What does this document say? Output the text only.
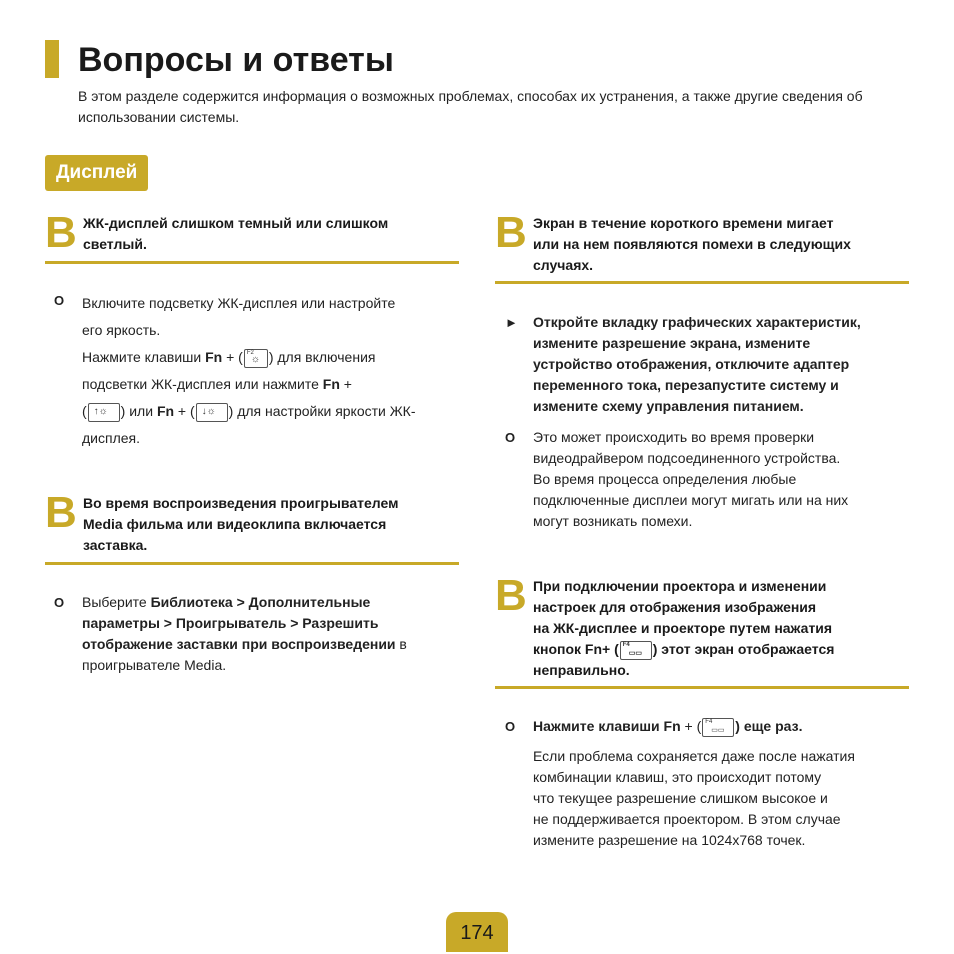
Вопросы и ответы
В этом разделе содержится информация о возможных проблемах, способах их устранения, а также другие сведения об использовании системы.
Дисплей
B ЖК-дисплей слишком темный или слишком
светлый.
O Включите подсветку ЖК-дисплея или настройте
его яркость.
Нажмите клавиши Fn + ( F2
☼ ) для включения
подсветки ЖК-дисплея или нажмите Fn +
( ↑☼ ) или Fn + ( ↓☼ ) для настройки яркости ЖК-
дисплея.
B Во время воспроизведения проигрывателем
Media фильма или видеоклипа включается
заставка.
O Выберите Библиотека > Дополнительные
параметры > Проигрыватель > Разрешить
отображение заставки при воспроизведении в
проигрывателе Media.
B Экран в течение короткого времени мигает
или на нем появляются помехи в следующих
случаях.
► Откройте вкладку графических характеристик,
измените разрешение экрана, измените
устройство отображения, отключите адаптер
переменного тока, перезапустите систему и
измените схему управления питанием.
O Это может происходить во время проверки
видеодрайвером подсоединенного устройства.
Во время процесса определения любые
подключенные дисплеи могут мигать или на них
могут возникать помехи.
B При подключении проектора и изменении
настроек для отображения изображения
на ЖК-дисплее и проекторе путем нажатия
кнопок Fn+ ( F4
▭▭ ) этот экран отображается
неправильно.
O Нажмите клавиши Fn + ( F4
▭▭ ) еще раз.
Если проблема сохраняется даже после нажатия
комбинации клавиш, это происходит потому
что текущее разрешение слишком высокое и
не поддерживается проектором. В этом случае
измените разрешение на 1024x768 точек.
174
